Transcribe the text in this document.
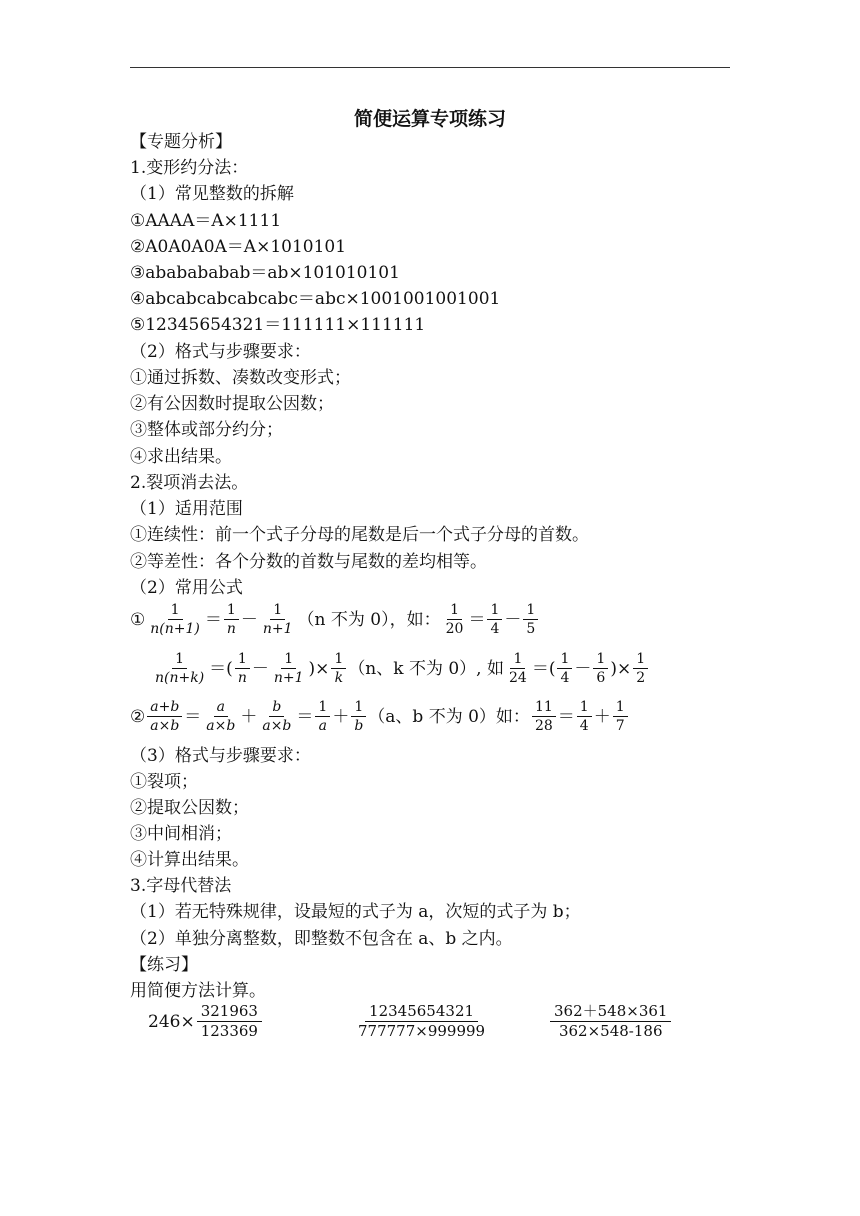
简便运算专项练习
【专题分析】
1.变形约分法：
（1）常见整数的拆解
①AAAA＝A×1111
②A0A0A0A＝A×1010101
③ababababab＝ab×101010101
④abcabcabcabcabc＝abc×1001001001001
⑤12345654321＝111111×111111
（2）格式与步骤要求：
①通过拆数、凑数改变形式；
②有公因数时提取公因数；
③整体或部分约分；
④求出结果。
2.裂项消去法。
（1）适用范围
①连续性：前一个式子分母的尾数是后一个式子分母的首数。
②等差性：各个分数的首数与尾数的差均相等。
（2）常用公式
① $\frac{1}{n(n+1)} = \frac{1}{n} - \frac{1}{n+1} (n$ 不为 0），如： $\frac{1}{20} = \frac{1}{4} - \frac{1}{5}$
$\frac{1}{n(n+k)}$ ＝( $\frac{1}{n} - \frac{1}{n+1}$ )× $\frac{1}{k} (n$、k 不为 0）, 如 $\frac{1}{24}$ ＝( $\frac{1}{4} - \frac{1}{6}$ )× $\frac{1}{2}$
② $\frac{a+b}{a\times b} = \frac{a}{a\times b} + \frac{b}{a\times b} = \frac{1}{a} + \frac{1}{b} (a$、b 不为 0）如： $\frac{11}{28} = \frac{1}{4} + \frac{1}{7}$
（3）格式与步骤要求：
①裂项；
②提取公因数；
③中间相消；
④计算出结果。
3.字母代替法
（1）若无特殊规律，设最短的式子为 a，次短的式子为 b；
（2）单独分离整数，即整数不包含在 a、b 之内。
【练习】
用简便方法计算。
$246\times \frac{321963}{123369}$	$\frac{12345654321}{777777\times 999999}$	$\frac{362+548\times 361}{362\times 548-186}$
